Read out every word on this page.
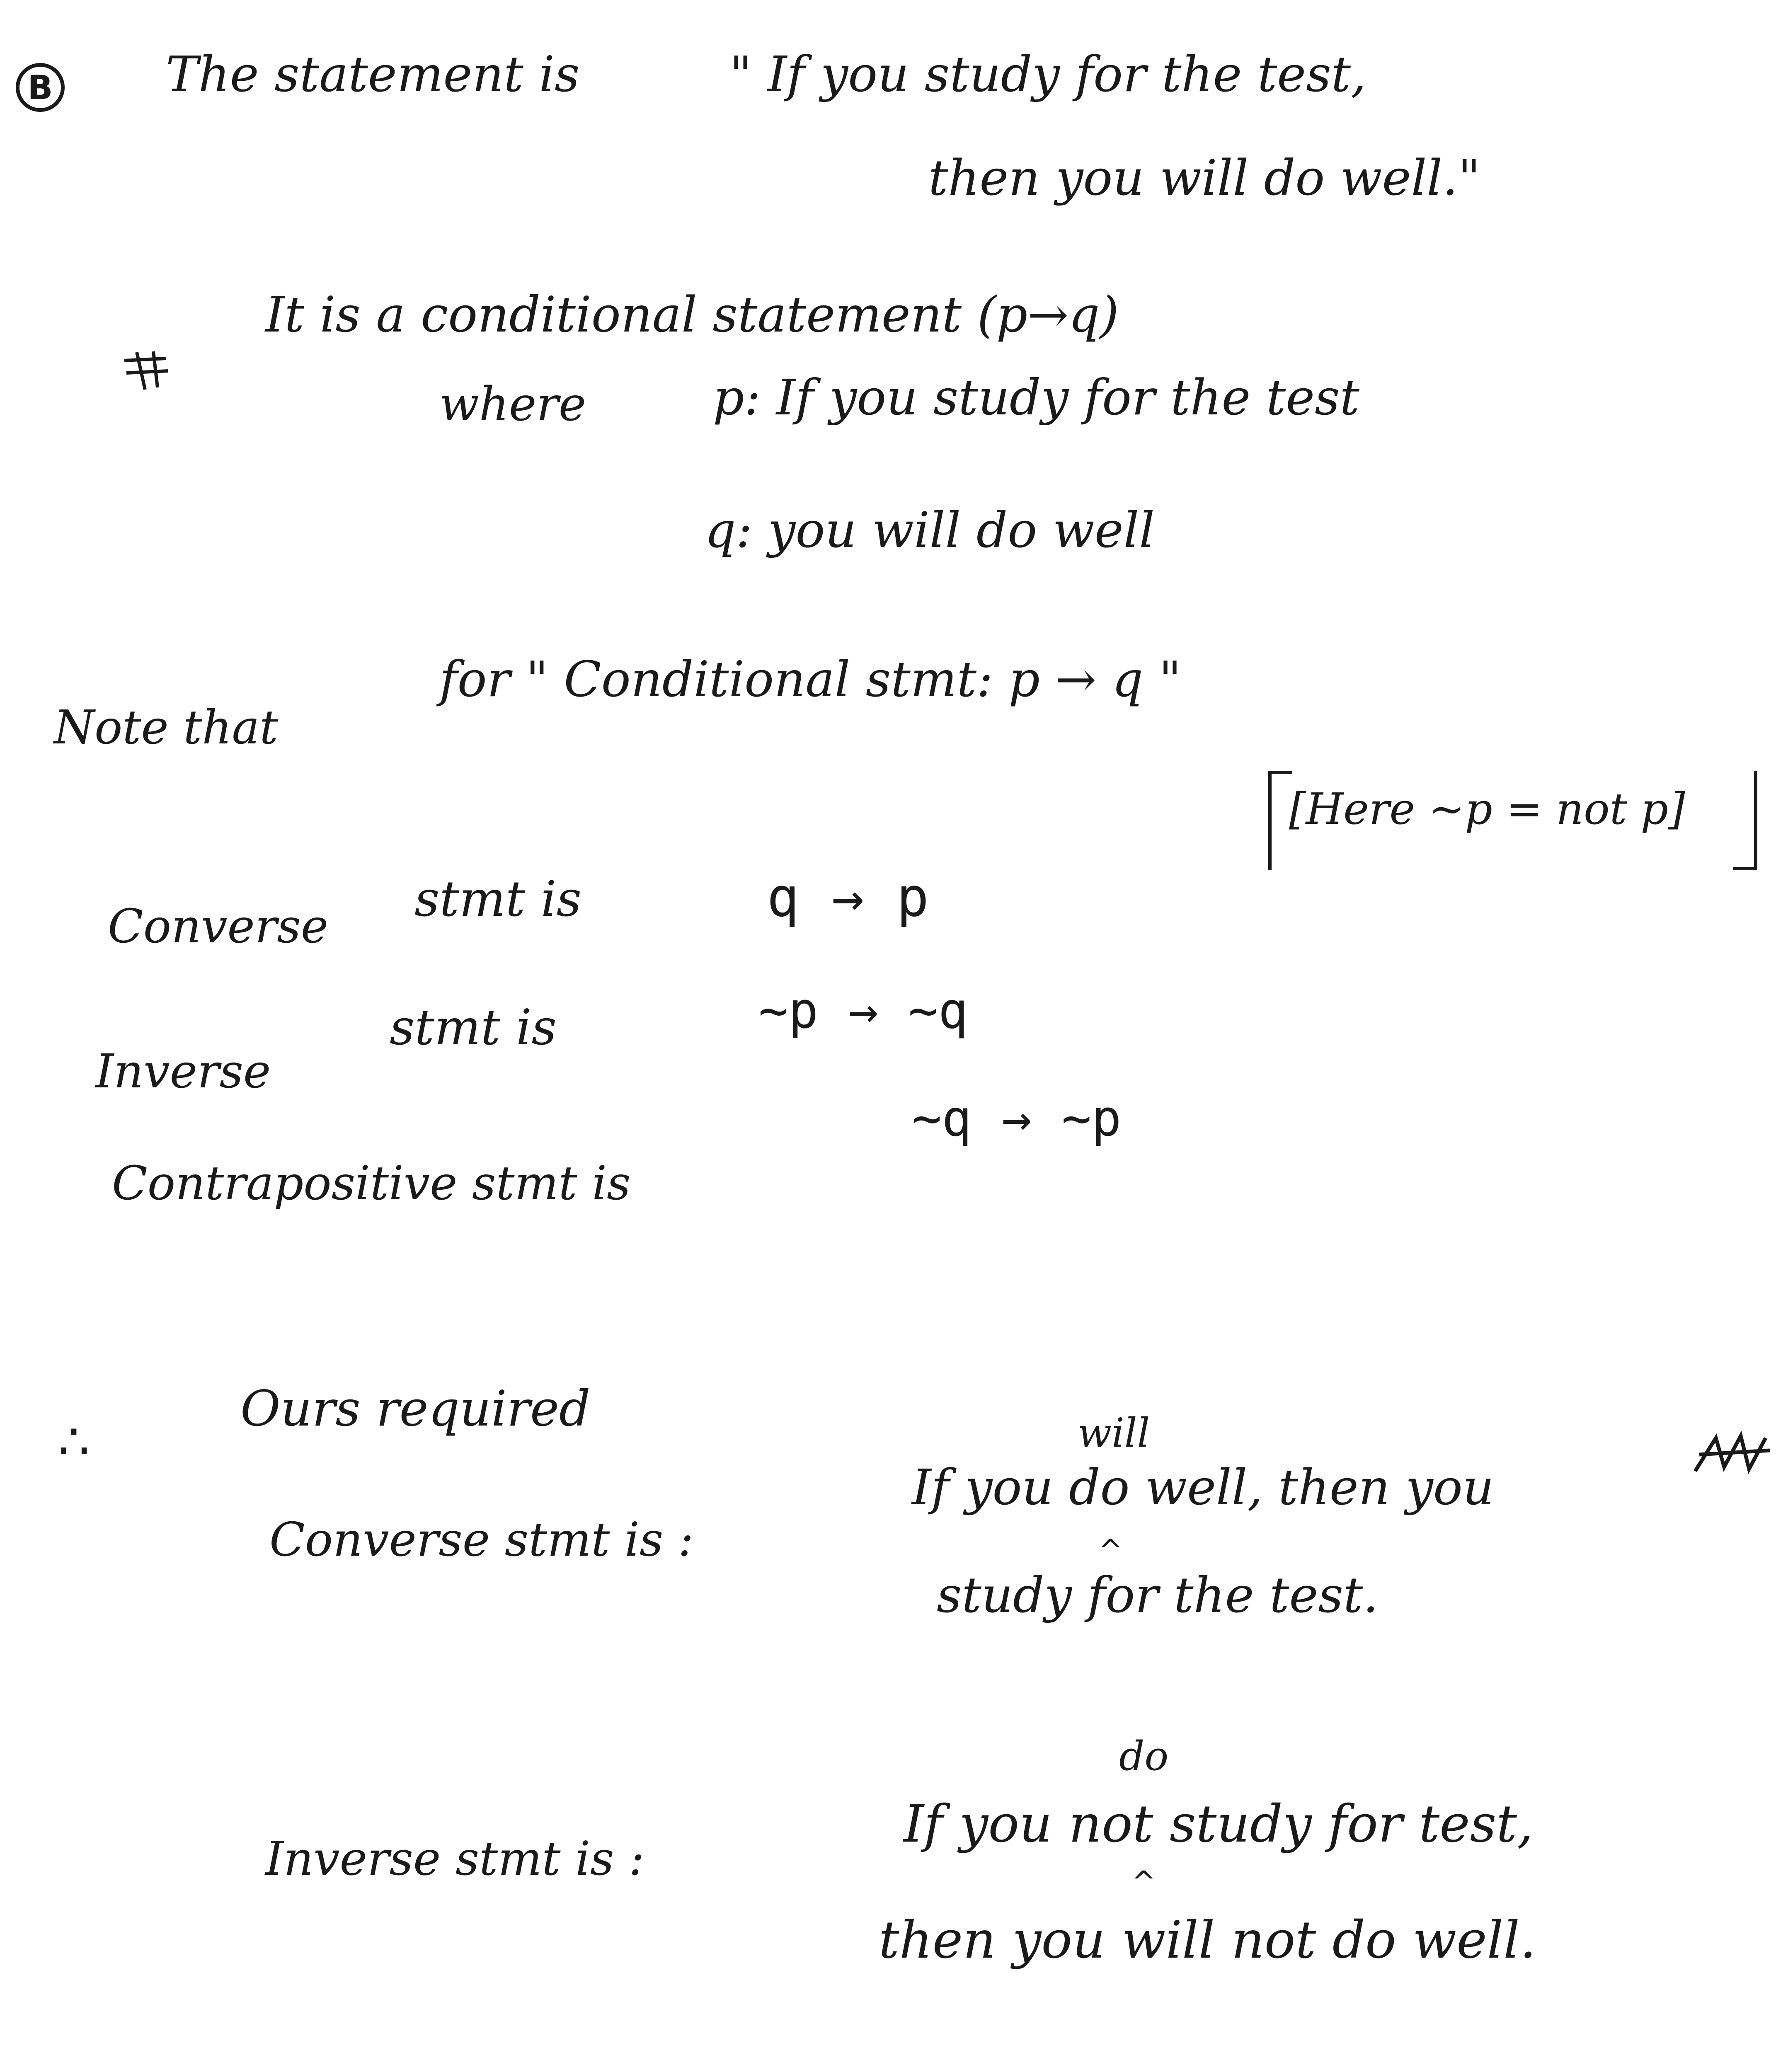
B The statement is	" If you study for the test,
then you will do well."
It is a conditional statement (p→q)
where	p: If you study for the test
q: you will do well
Note that
for " Conditional stmt: p → q "
[Here ~p = not p]
Converse stmt is	q → p
Inverse
stmt is	~p → ~q
Contrapositive stmt is
~q → ~p
∴
Ours required
Converse stmt is :
will
^
If you do well, then you
study for the test.
Inverse stmt is :
do
^
If you not study for test,
then you will not do well.
